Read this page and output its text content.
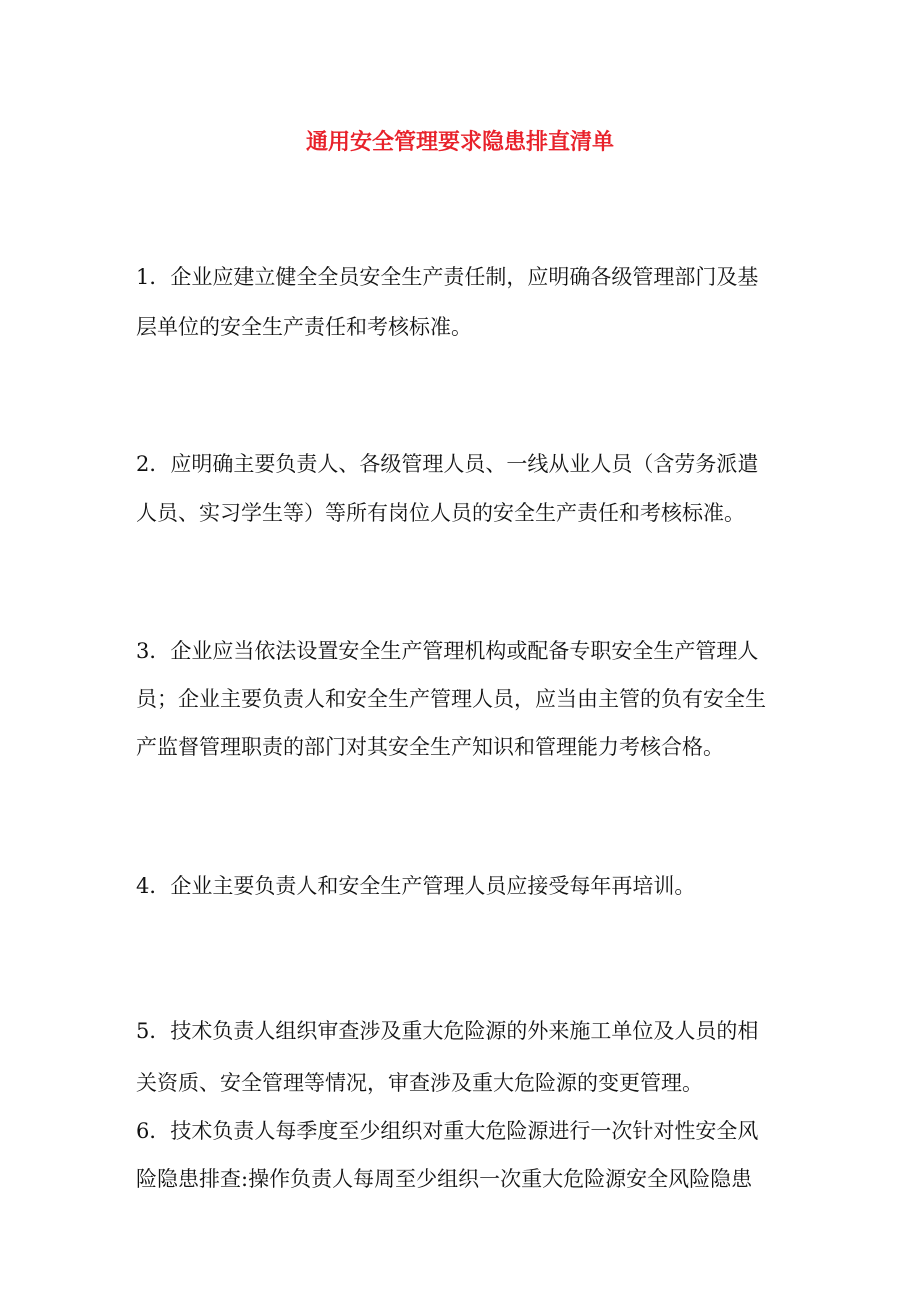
通用安全管理要求隐患排直清单

1．企业应建立健全全员安全生产责任制，应明确各级管理部门及基

层单位的安全生产责任和考核标准。

2．应明确主要负责人、各级管理人员、一线从业人员（含劳务派遣

人员、实习学生等）等所有岗位人员的安全生产责任和考核标准。

3．企业应当依法设置安全生产管理机构或配备专职安全生产管理人

员；企业主要负责人和安全生产管理人员，应当由主管的负有安全生

产监督管理职责的部门对其安全生产知识和管理能力考核合格。

4．企业主要负责人和安全生产管理人员应接受每年再培训。

5．技术负责人组织审查涉及重大危险源的外来施工单位及人员的相

关资质、安全管理等情况，审查涉及重大危险源的变更管理。

6．技术负责人每季度至少组织对重大危险源进行一次针对性安全风

险隐患排查:操作负责人每周至少组织一次重大危险源安全风险隐患
